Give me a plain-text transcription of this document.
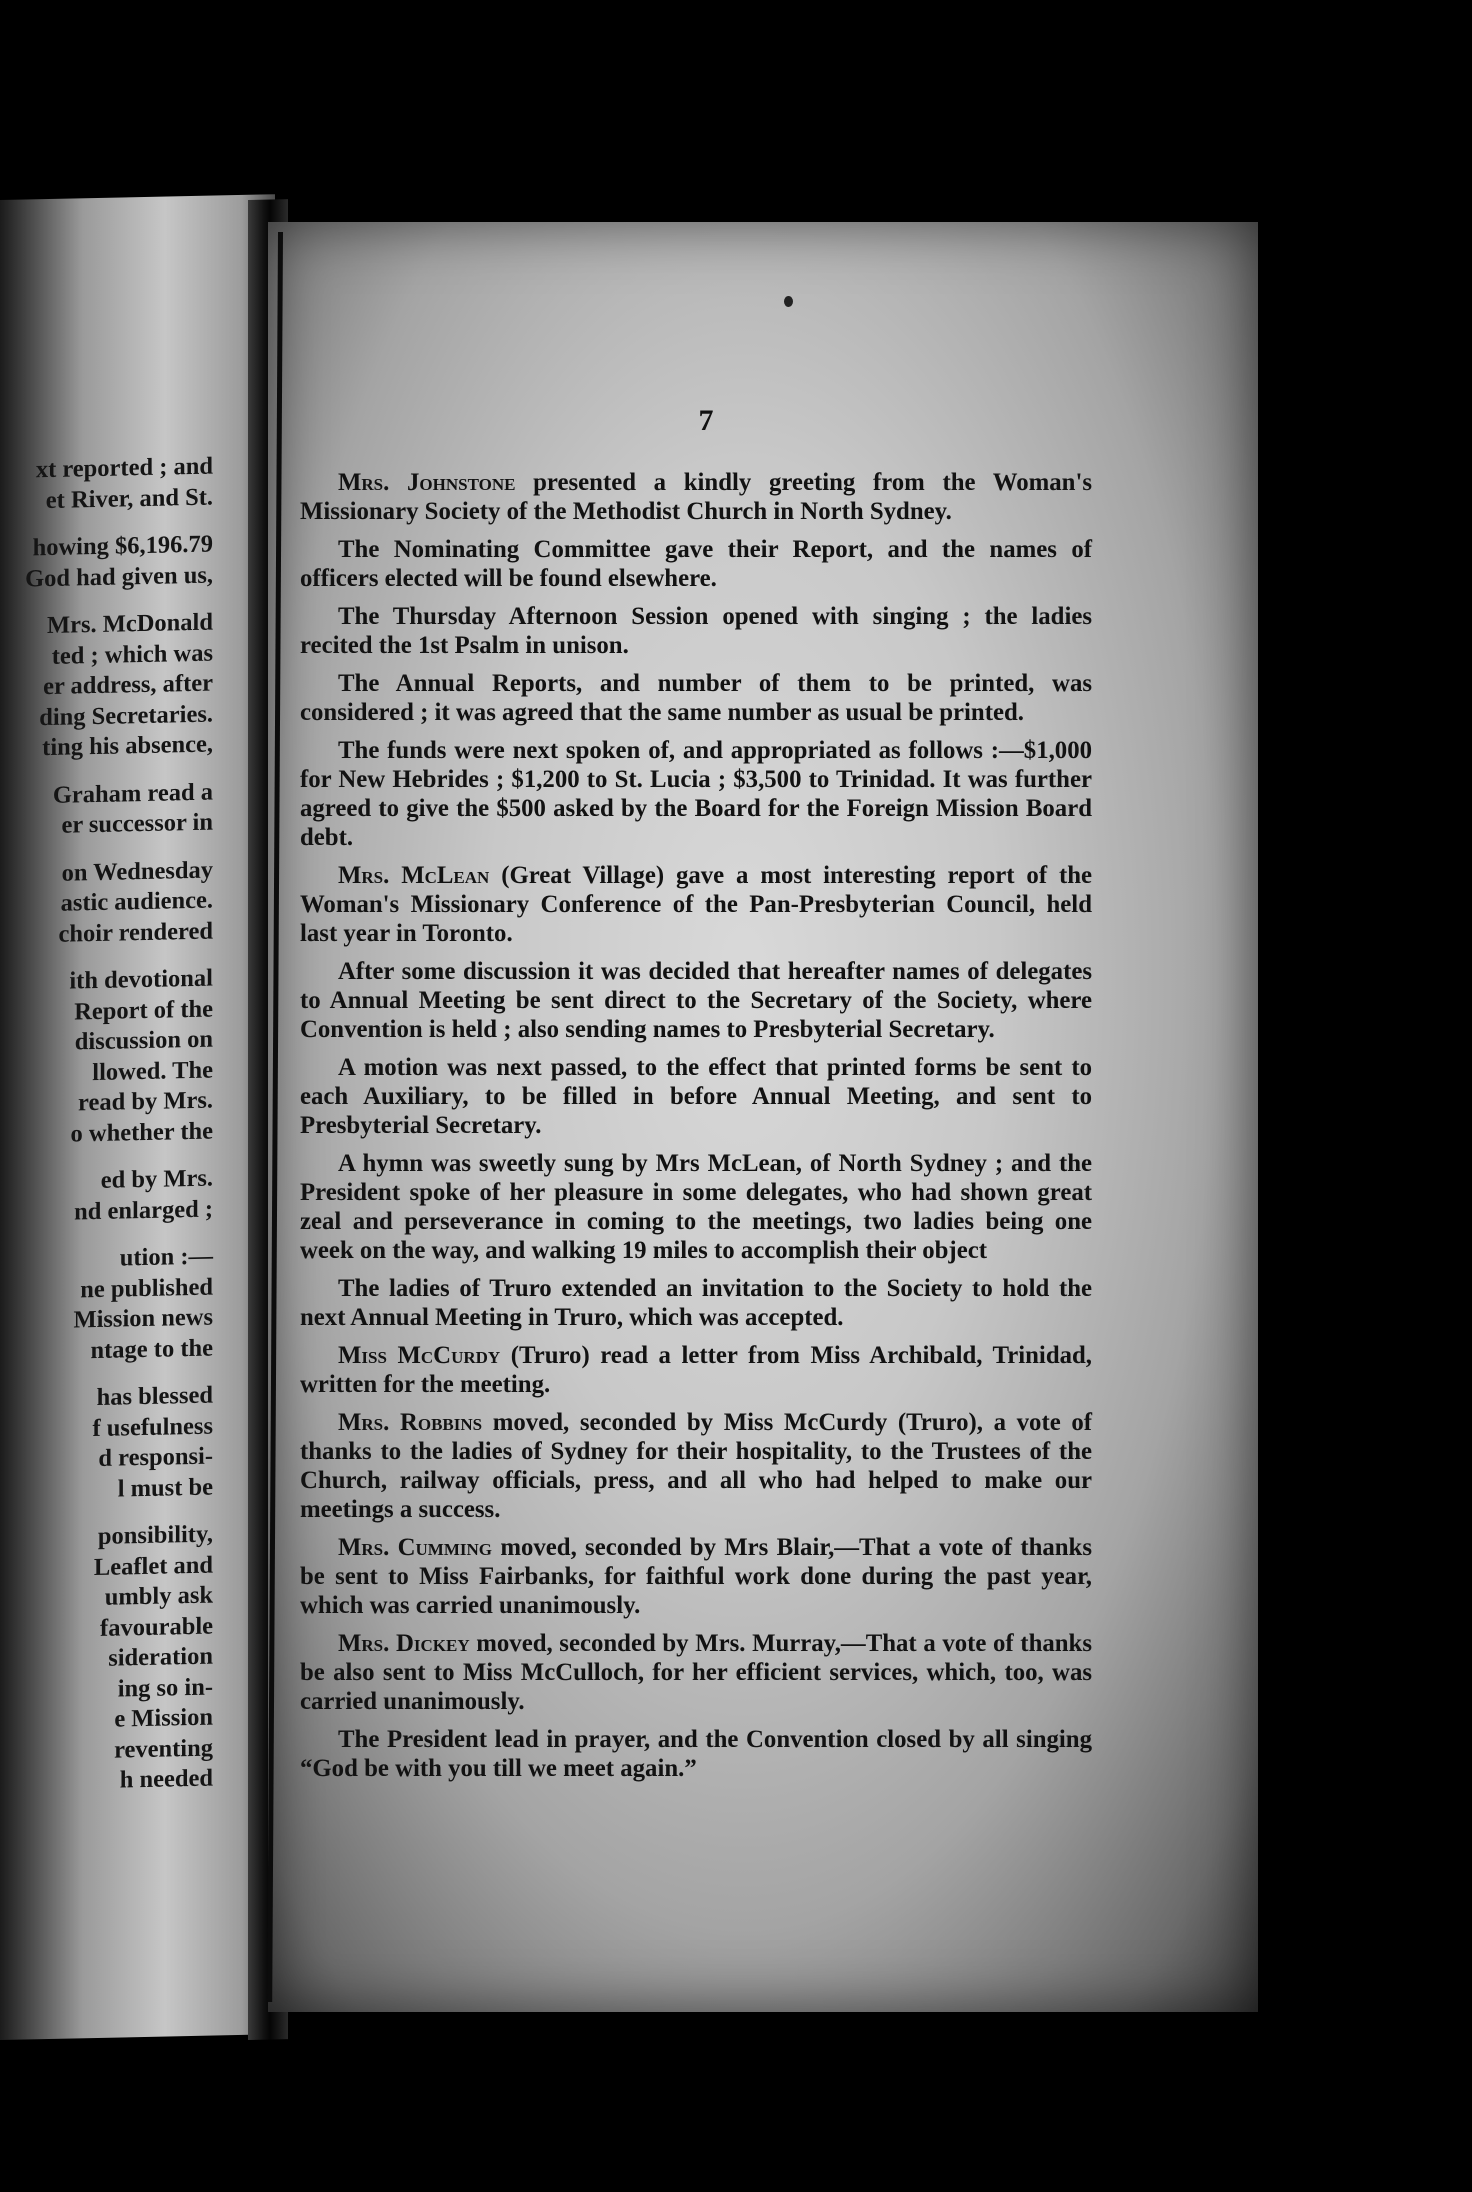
xt reported ; and
et River, and St.
howing $6,196.79
God had given us,
Mrs. McDonald
ted ; which was
er address, after
ding Secretaries.
ting his absence,
Graham read a
er successor in
on Wednesday
astic audience.
choir rendered
ith devotional
Report of the
discussion on
llowed. The
read by Mrs.
o whether the
ed by Mrs.
nd enlarged ;
ution :—
ne published
Mission news
ntage to the
has blessed
f usefulness
d responsi-
l must be
ponsibility,
Leaflet and
umbly ask
favourable
sideration
ing so in-
e Mission
reventing
h needed
7

Mrs. Johnstone presented a kindly greeting from the Woman's Missionary Society of the Methodist Church in North Sydney.

The Nominating Committee gave their Report, and the names of officers elected will be found elsewhere.

The Thursday Afternoon Session opened with singing ; the ladies recited the 1st Psalm in unison.

The Annual Reports, and number of them to be printed, was considered ; it was agreed that the same number as usual be printed.

The funds were next spoken of, and appropriated as follows :—$1,000 for New Hebrides ; $1,200 to St. Lucia ; $3,500 to Trinidad. It was further agreed to give the $500 asked by the Board for the Foreign Mission Board debt.

Mrs. McLean (Great Village) gave a most interesting report of the Woman's Missionary Conference of the Pan-Presbyterian Council, held last year in Toronto.

After some discussion it was decided that hereafter names of delegates to Annual Meeting be sent direct to the Secretary of the Society, where Convention is held ; also sending names to Presbyterial Secretary.

A motion was next passed, to the effect that printed forms be sent to each Auxiliary, to be filled in before Annual Meeting, and sent to Presbyterial Secretary.

A hymn was sweetly sung by Mrs McLean, of North Sydney ; and the President spoke of her pleasure in some delegates, who had shown great zeal and perseverance in coming to the meetings, two ladies being one week on the way, and walking 19 miles to accomplish their object

The ladies of Truro extended an invitation to the Society to hold the next Annual Meeting in Truro, which was accepted.

Miss McCurdy (Truro) read a letter from Miss Archibald, Trinidad, written for the meeting.

Mrs. Robbins moved, seconded by Miss McCurdy (Truro), a vote of thanks to the ladies of Sydney for their hospitality, to the Trustees of the Church, railway officials, press, and all who had helped to make our meetings a success.

Mrs. Cumming moved, seconded by Mrs Blair,—That a vote of thanks be sent to Miss Fairbanks, for faithful work done during the past year, which was carried unanimously.

Mrs. Dickey moved, seconded by Mrs. Murray,—That a vote of thanks be also sent to Miss McCulloch, for her efficient services, which, too, was carried unanimously.

The President lead in prayer, and the Convention closed by all singing “God be with you till we meet again.”
